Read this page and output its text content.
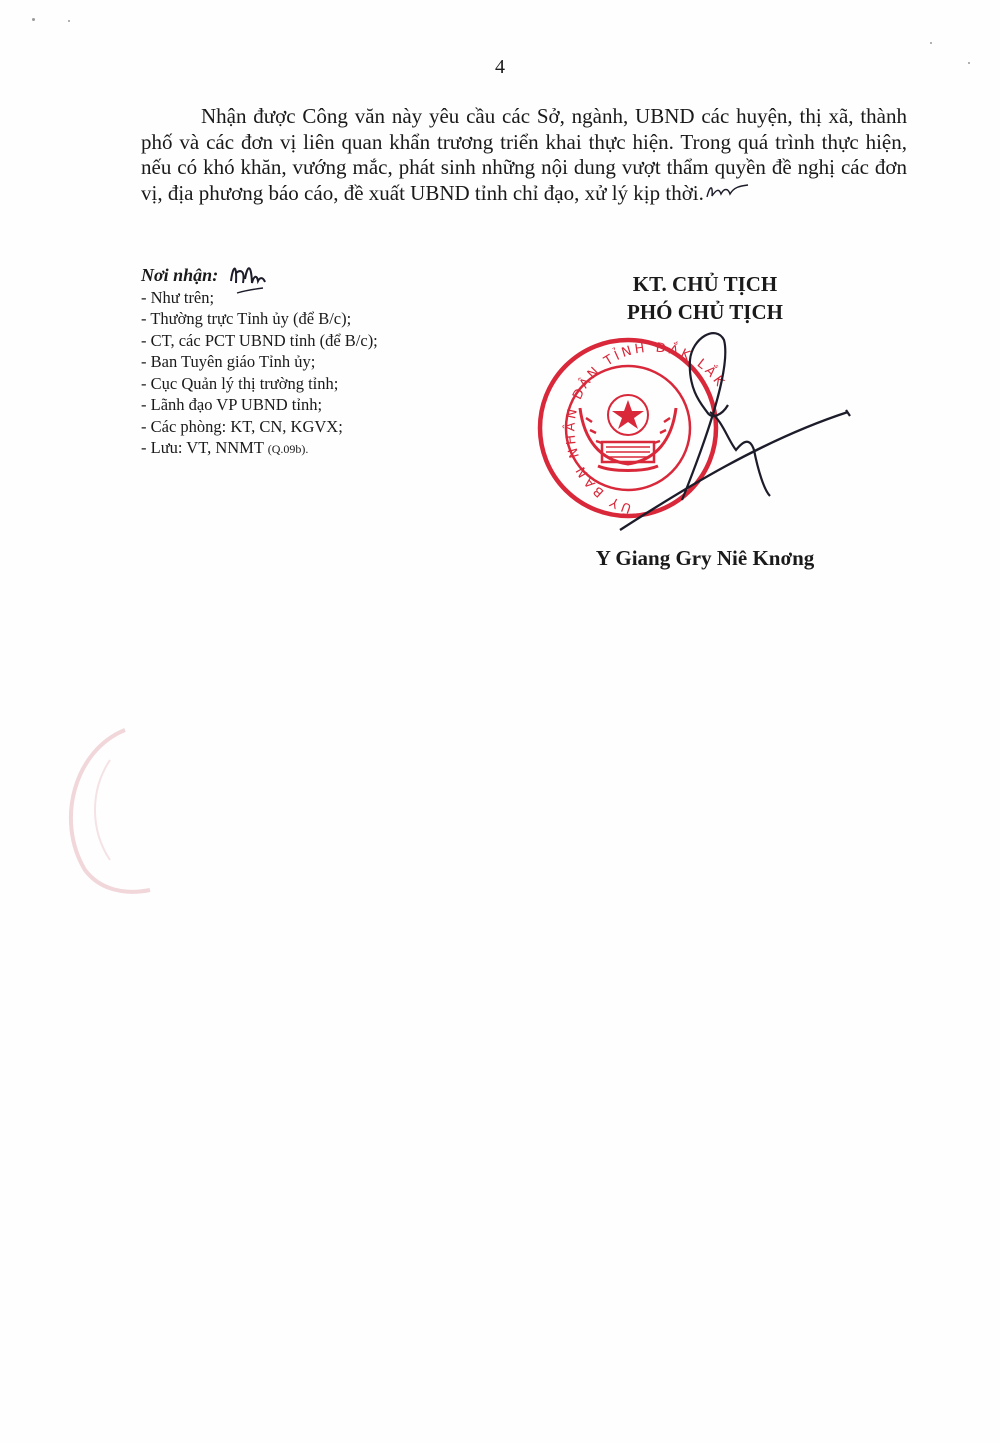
4

Nhận được Công văn này yêu cầu các Sở, ngành, UBND các huyện, thị xã, thành phố và các đơn vị liên quan khẩn trương triển khai thực hiện. Trong quá trình thực hiện, nếu có khó khăn, vướng mắc, phát sinh những nội dung vượt thẩm quyền đề nghị các đơn vị, địa phương báo cáo, đề xuất UBND tỉnh chỉ đạo, xử lý kịp thời.

Nơi nhận:
- Như trên;
- Thường trực Tỉnh ủy (để B/c);
- CT, các PCT UBND tỉnh (để B/c);
- Ban Tuyên giáo Tỉnh ủy;
- Cục Quản lý thị trường tỉnh;
- Lãnh đạo VP UBND tỉnh;
- Các phòng: KT, CN, KGVX;
- Lưu: VT, NNMT (Q.09b).
KT. CHỦ TỊCH
PHÓ CHỦ TỊCH
ỦY BAN NHÂN DÂN TỈNH ĐẮK LẮK
Y Giang Gry Niê Knơng
